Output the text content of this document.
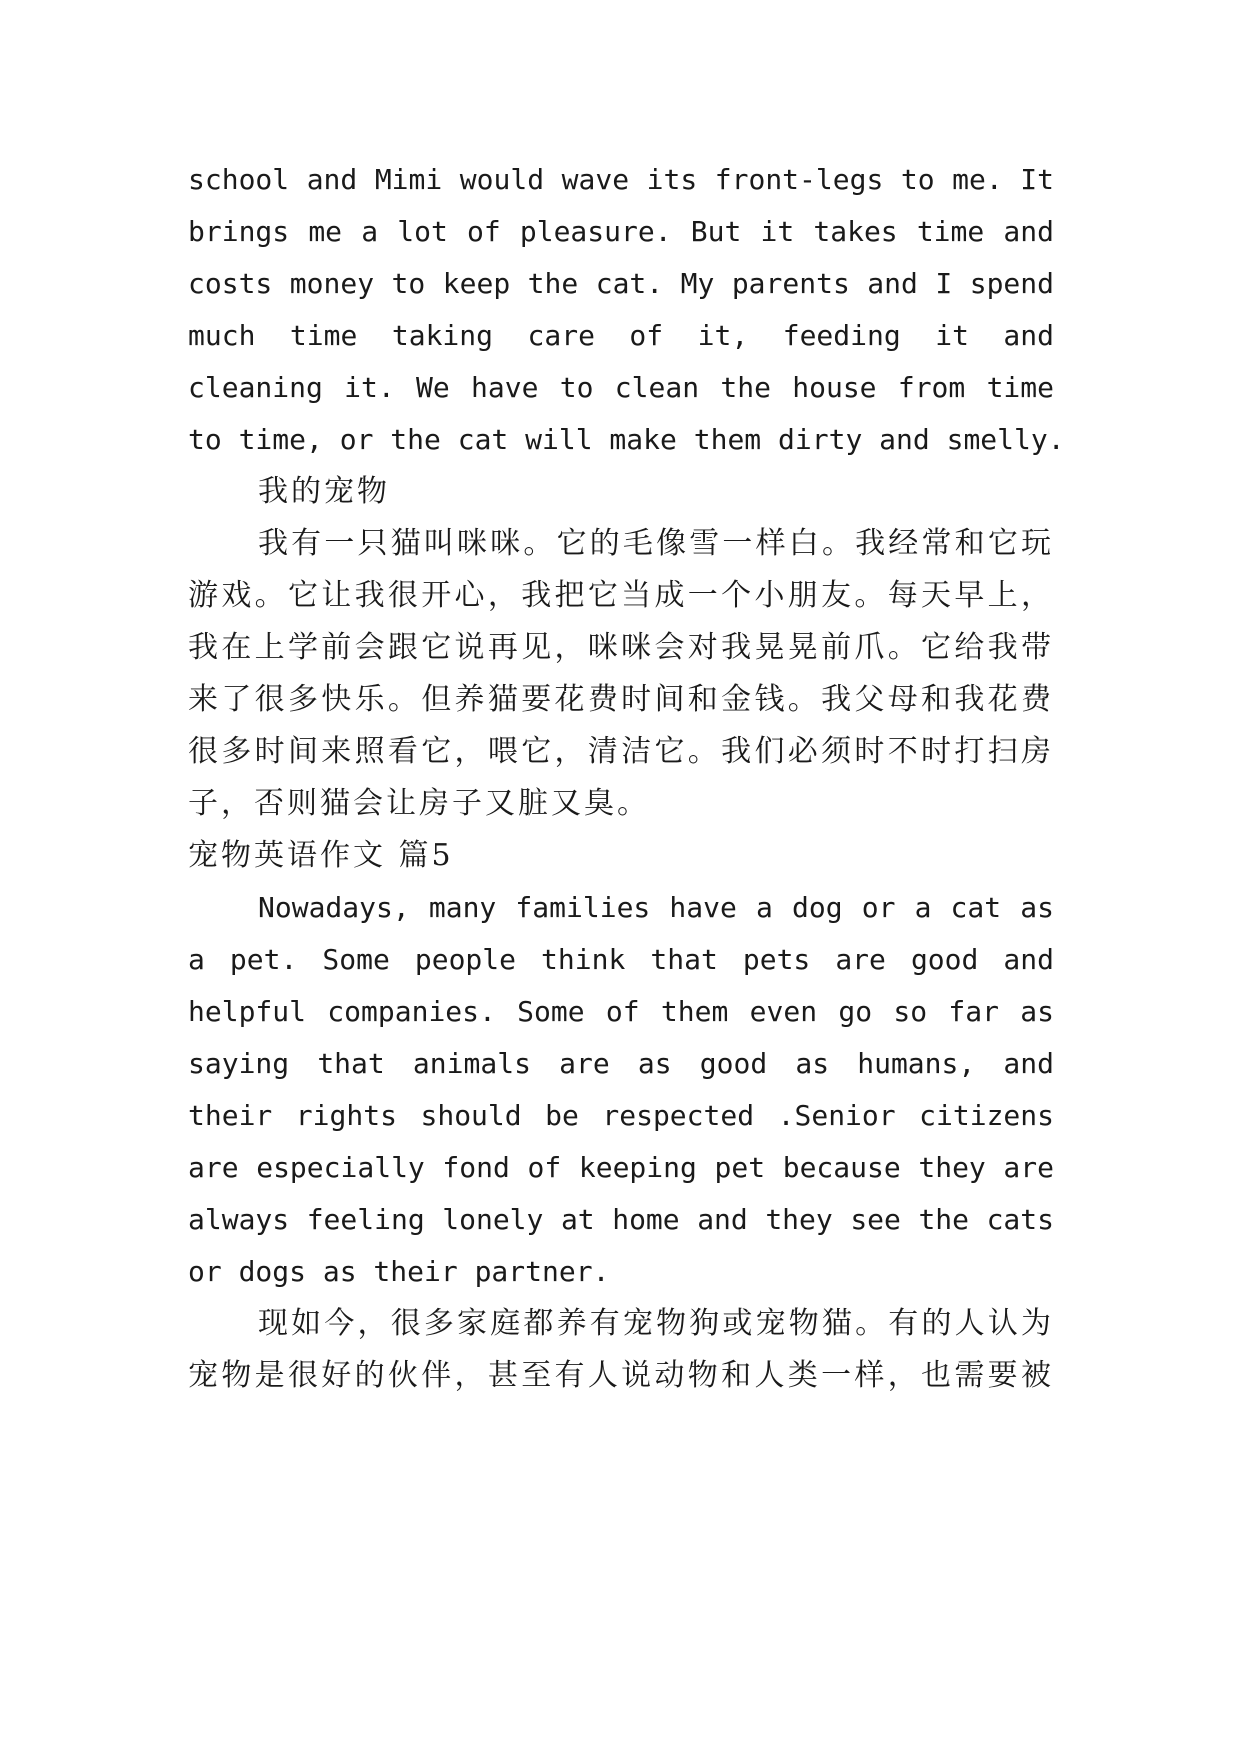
school and Mimi would wave its front-legs to me. It
brings me a lot of pleasure. But it takes time and
costs money to keep the cat. My parents and I spend
much time taking care of it, feeding it and
cleaning it. We have to clean the house from time
to time, or the cat will make them dirty and smelly.
我的宠物
我有一只猫叫咪咪。它的毛像雪一样白。我经常和它玩
游戏。它让我很开心，我把它当成一个小朋友。每天早上，
我在上学前会跟它说再见，咪咪会对我晃晃前爪。它给我带
来了很多快乐。但养猫要花费时间和金钱。我父母和我花费
很多时间来照看它，喂它，清洁它。我们必须时不时打扫房
子，否则猫会让房子又脏又臭。
宠物英语作文 篇5
Nowadays, many families have a dog or a cat as
a pet. Some people think that pets are good and
helpful companies. Some of them even go so far as
saying that animals are as good as humans, and
their rights should be respected .Senior citizens
are especially fond of keeping pet because they are
always feeling lonely at home and they see the cats
or dogs as their partner.
现如今，很多家庭都养有宠物狗或宠物猫。有的人认为
宠物是很好的伙伴，甚至有人说动物和人类一样，也需要被
